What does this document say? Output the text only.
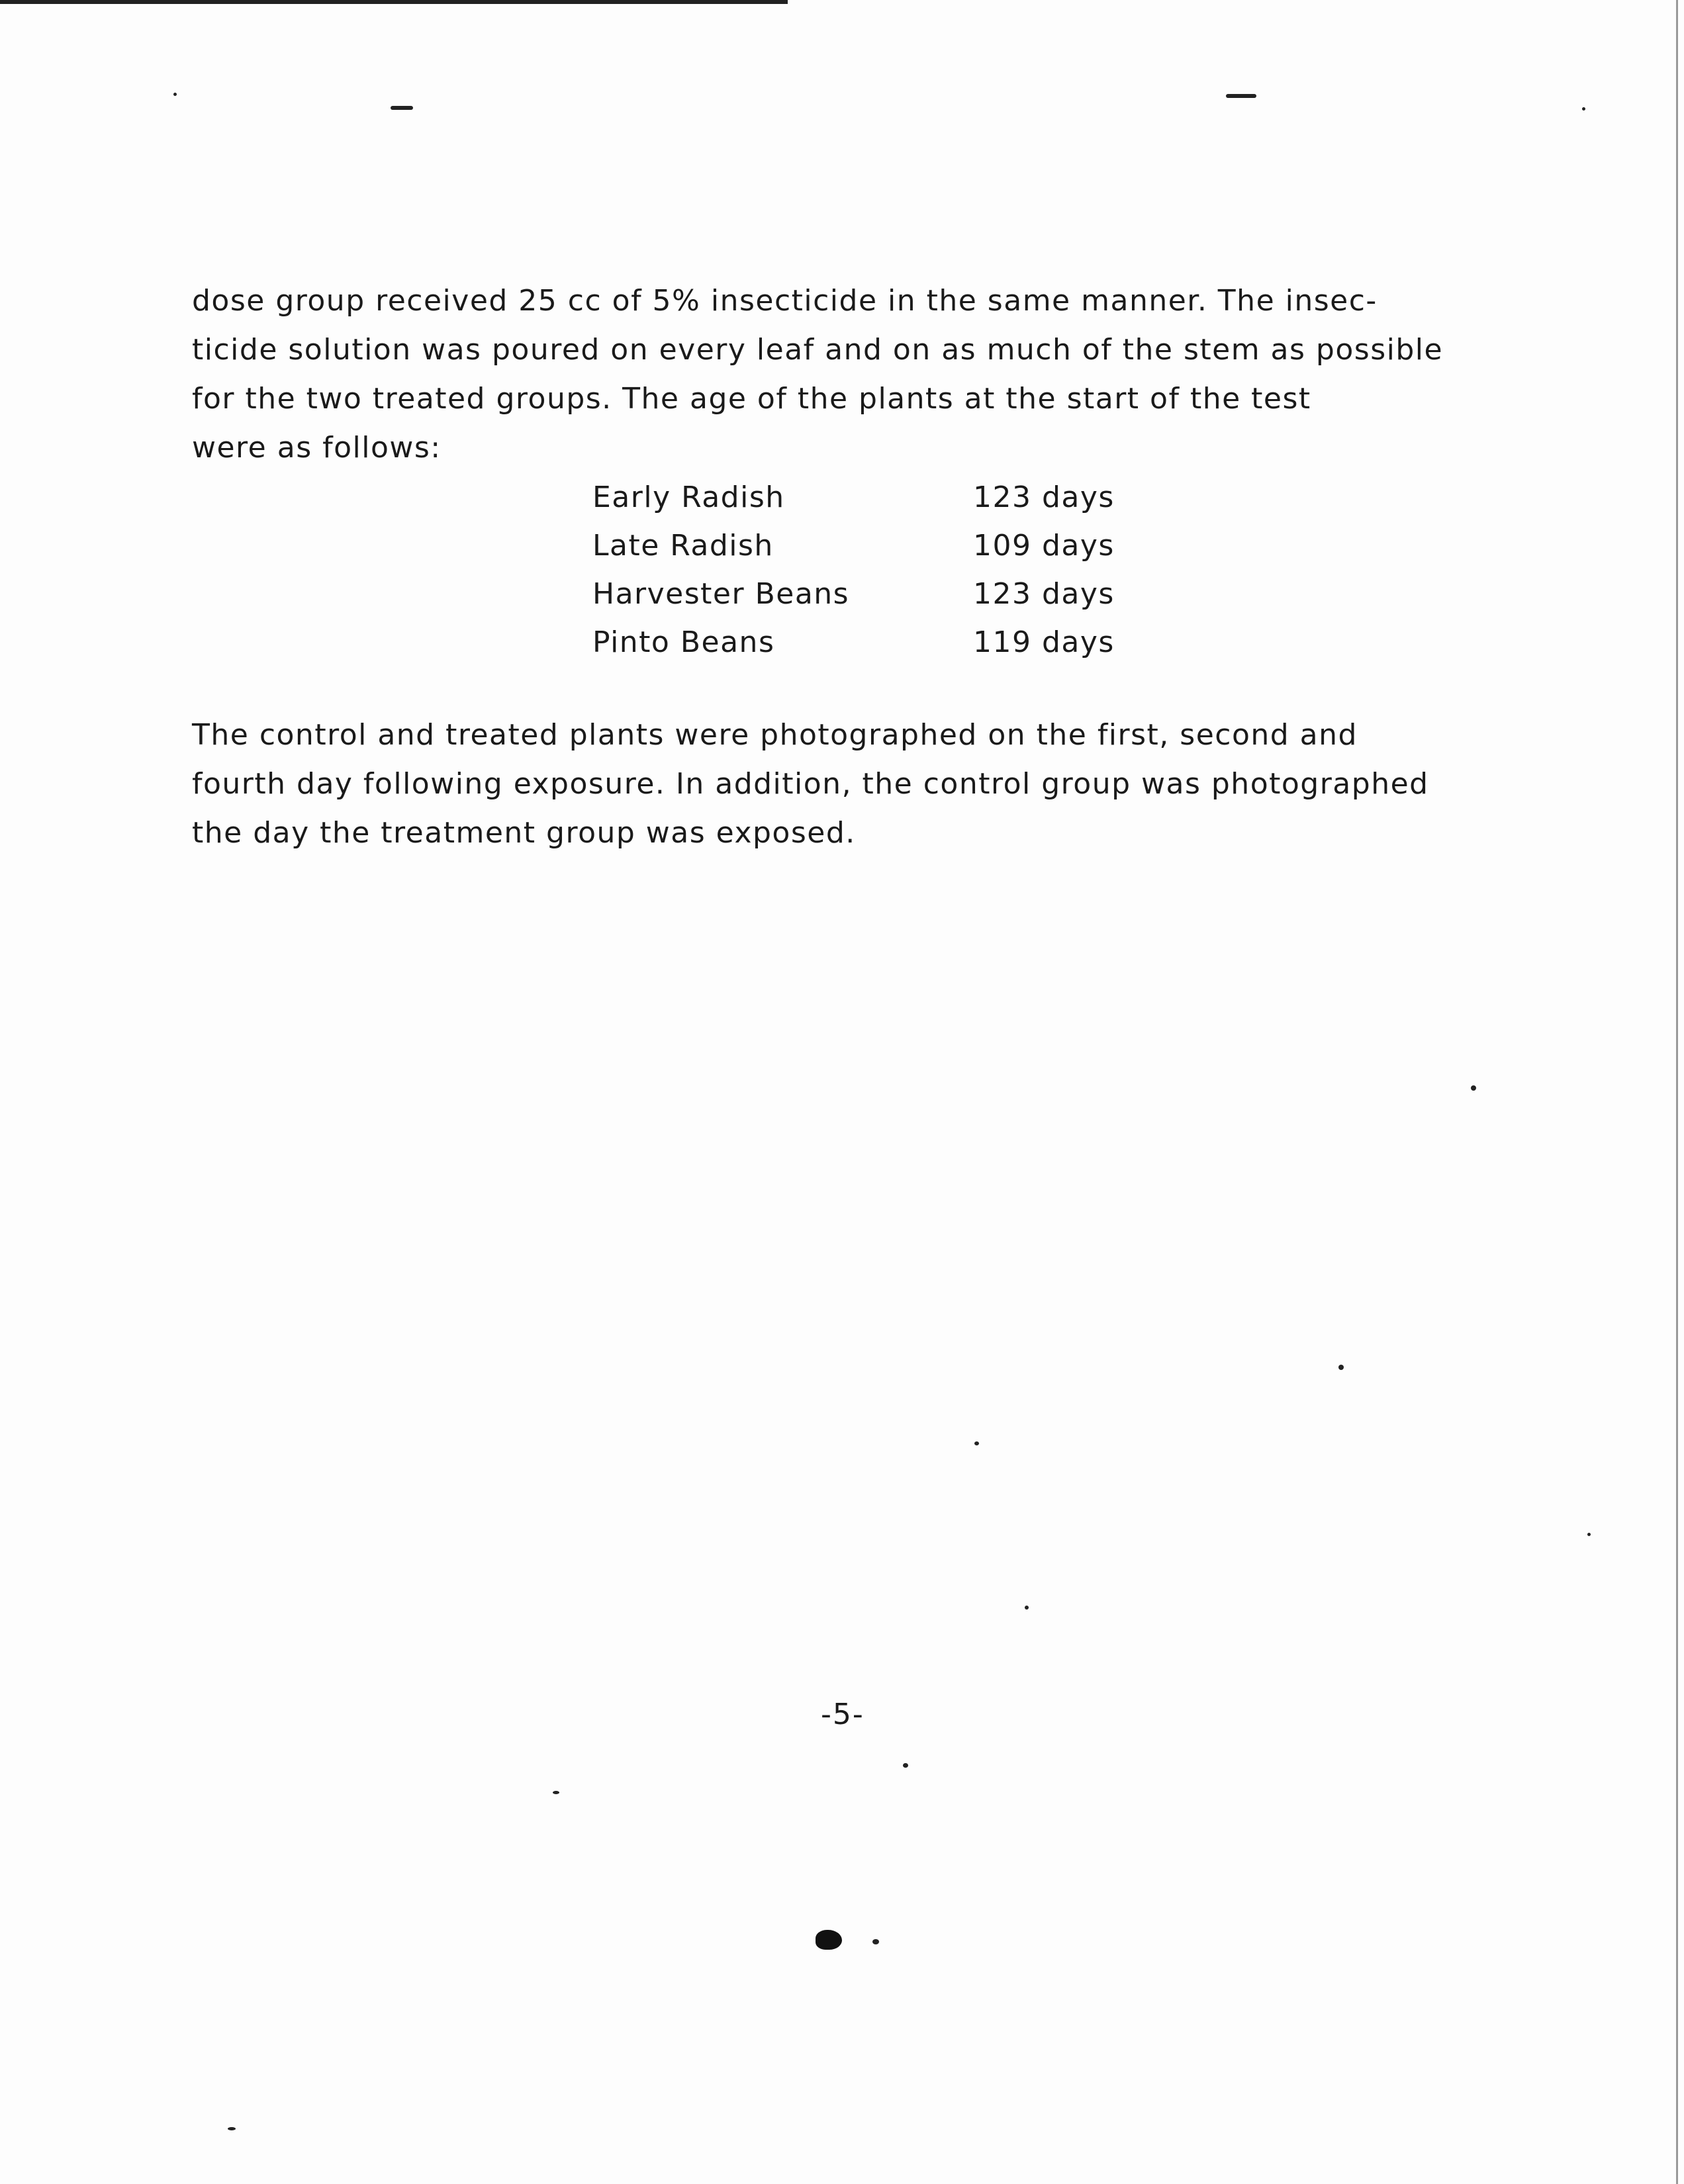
dose group received 25 cc of 5% insecticide in the same manner. The insec-
ticide solution was poured on every leaf and on as much of the stem as possible
for the two treated groups. The age of the plants at the start of the test
were as follows:

Early Radish	123 days
Late Radish	109 days
Harvester Beans	123 days
Pinto Beans	119 days

The control and treated plants were photographed on the first, second and
fourth day following exposure. In addition, the control group was photographed
the day the treatment group was exposed.

-5-
